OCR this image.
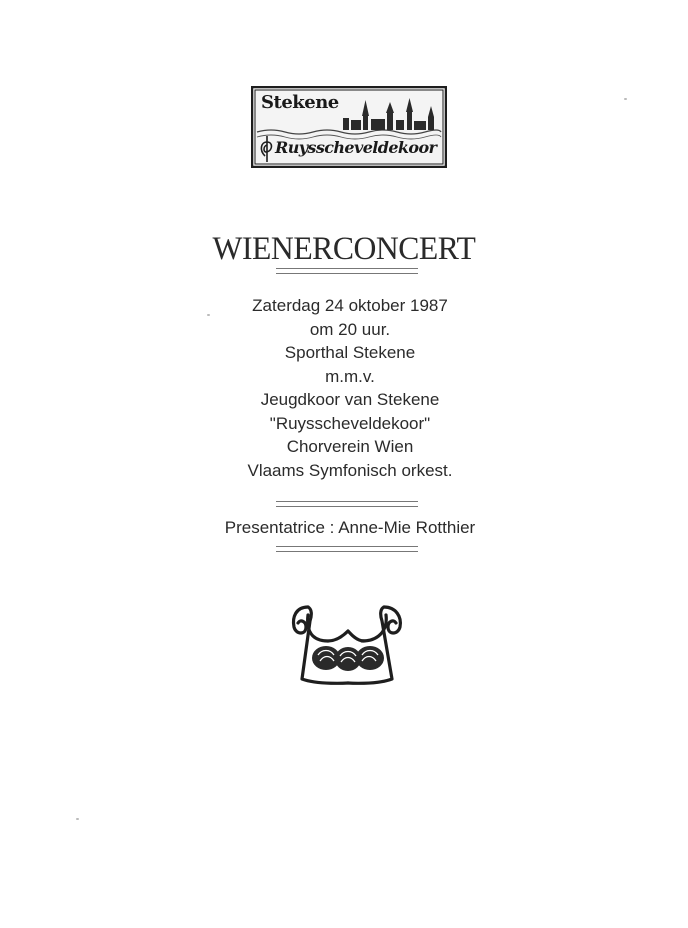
Stekene
Ruysscheveldekoor
WIENERCONCERT
Zaterdag 24 oktober 1987
om 20 uur.
Sporthal Stekene
m.m.v.
Jeugdkoor van Stekene
"Ruysscheveldekoor"
Chorverein Wien
Vlaams Symfonisch orkest.
Presentatrice : Anne-Mie Rotthier
